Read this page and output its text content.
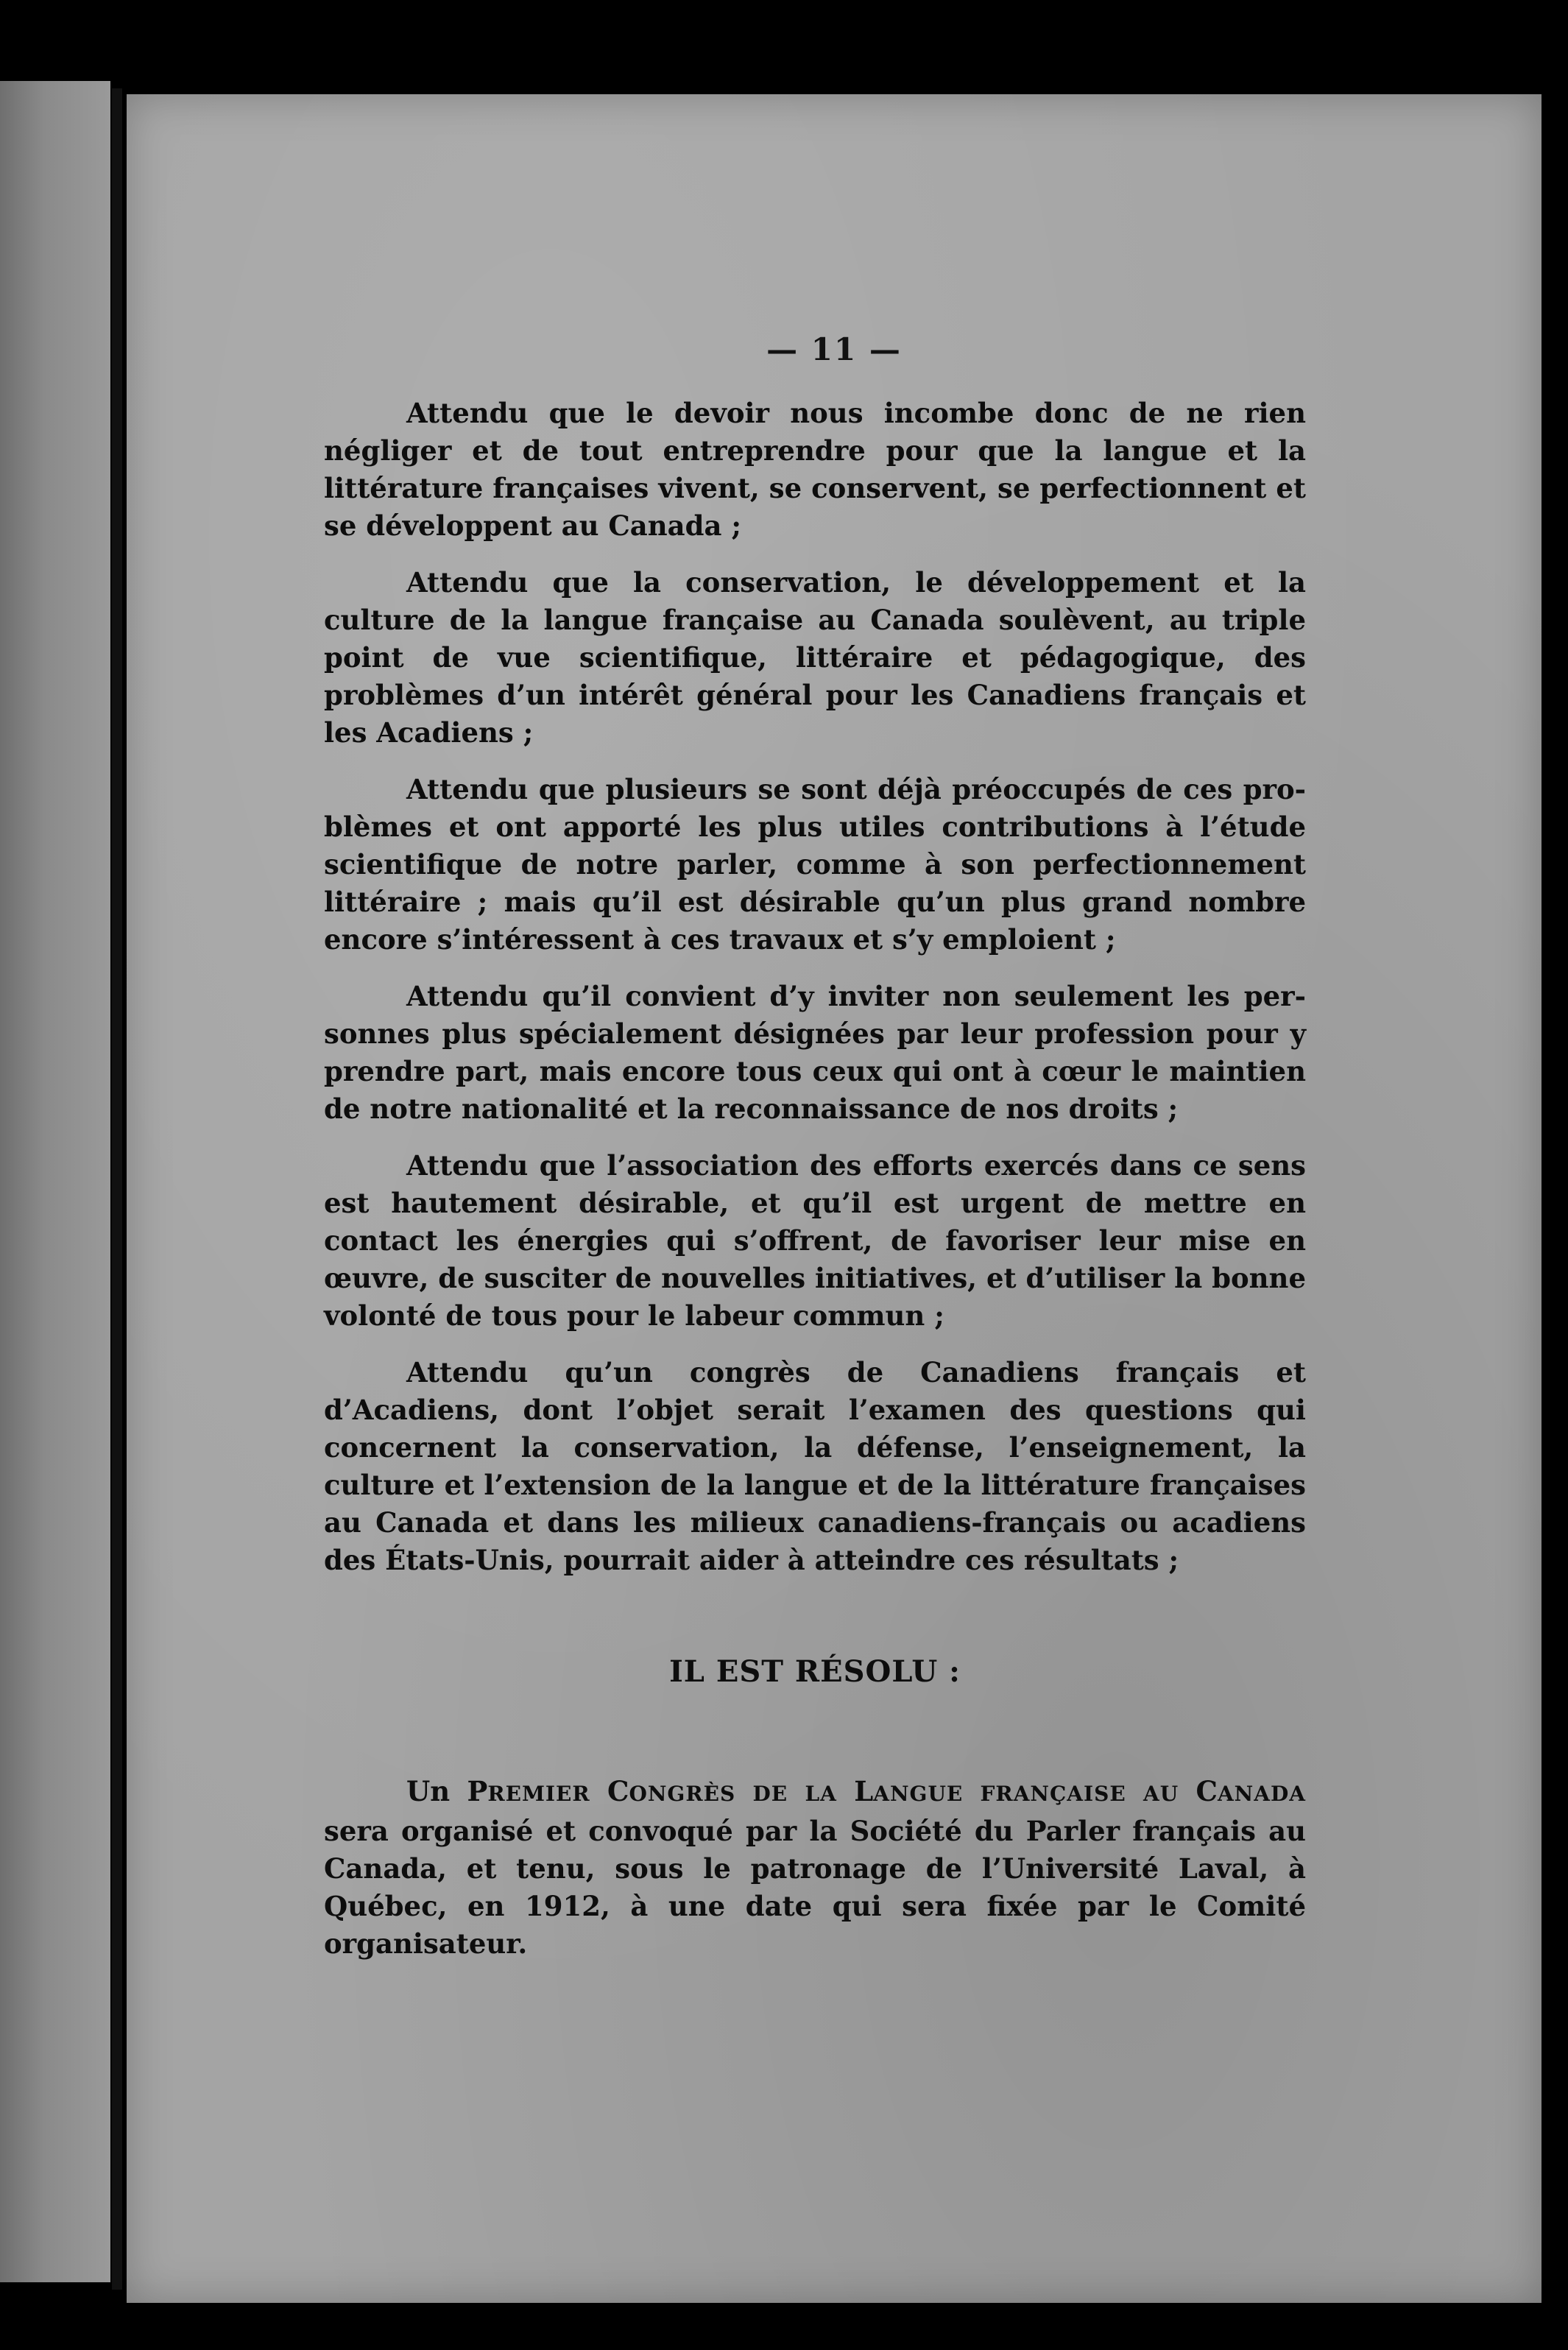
— 11 —

Attendu que le devoir nous incombe donc de ne rien négliger et de tout entreprendre pour que la langue et la littérature françaises vivent, se conservent, se perfectionnent et se développent au Canada ;

Attendu que la conservation, le développement et la culture de la langue française au Canada soulèvent, au triple point de vue scientifique, littéraire et pédagogique, des problèmes d’un intérêt général pour les Canadiens français et les Acadiens ;

Attendu que plusieurs se sont déjà préoccupés de ces problèmes et ont apporté les plus utiles contributions à l’étude scientifique de notre parler, comme à son perfectionnement littéraire ; mais qu’il est désirable qu’un plus grand nombre encore s’intéressent à ces travaux et s’y emploient ;

Attendu qu’il convient d’y inviter non seulement les personnes plus spécialement désignées par leur profession pour y prendre part, mais encore tous ceux qui ont à cœur le maintien de notre nationalité et la reconnaissance de nos droits ;

Attendu que l’association des efforts exercés dans ce sens est hautement désirable, et qu’il est urgent de mettre en contact les énergies qui s’offrent, de favoriser leur mise en œuvre, de susciter de nouvelles initiatives, et d’utiliser la bonne volonté de tous pour le labeur commun ;

Attendu qu’un congrès de Canadiens français et d’Acadiens, dont l’objet serait l’examen des questions qui concernent la conservation, la défense, l’enseignement, la culture et l’extension de la langue et de la littérature françaises au Canada et dans les milieux canadiens-français ou acadiens des États-Unis, pourrait aider à atteindre ces résultats ;

IL EST RÉSOLU :

Un PREMIER CONGRÈS DE LA LANGUE FRANÇAISE AU CANADA sera organisé et convoqué par la Société du Parler français au Canada, et tenu, sous le patronage de l’Université Laval, à Québec, en 1912, à une date qui sera fixée par le Comité organisateur.
